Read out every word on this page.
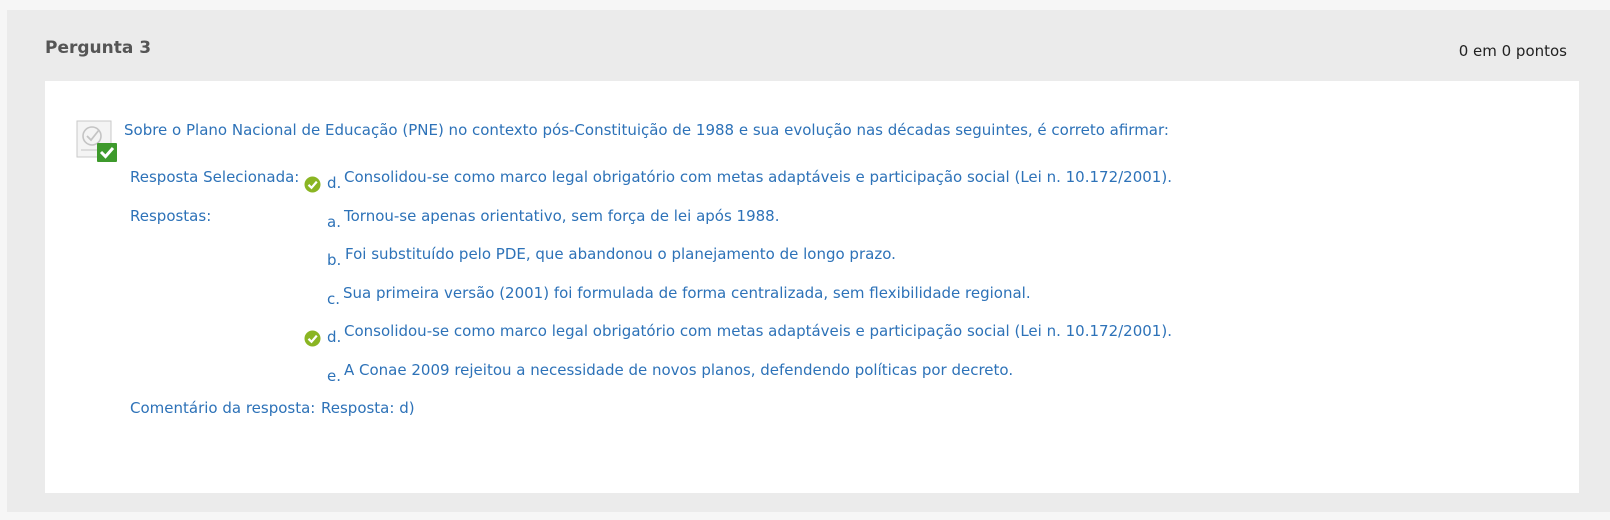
Pergunta 3	0 em 0 pontos
Sobre o Plano Nacional de Educação (PNE) no contexto pós-Constituição de 1988 e sua evolução nas décadas seguintes, é correto afirmar:
Resposta Selecionada: d. Consolidou-se como marco legal obrigatório com metas adaptáveis e participação social (Lei n. 10.172/2001).
Respostas:	a. Tornou-se apenas orientativo, sem força de lei após 1988.
b. Foi substituído pelo PDE, que abandonou o planejamento de longo prazo.
c. Sua primeira versão (2001) foi formulada de forma centralizada, sem flexibilidade regional.
d. Consolidou-se como marco legal obrigatório com metas adaptáveis e participação social (Lei n. 10.172/2001).
e. A Conae 2009 rejeitou a necessidade de novos planos, defendendo políticas por decreto.
Comentário da resposta: Resposta: d)
